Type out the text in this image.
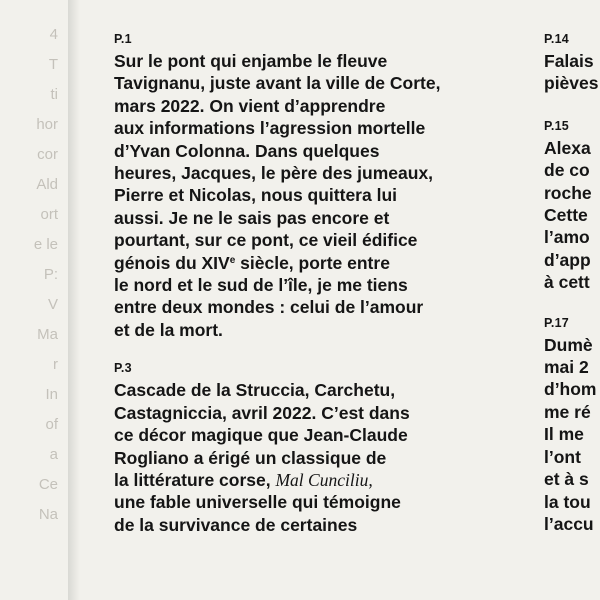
4
T
ti
hor
cor
Ald
ort
e le
P:
V
Ma
r
In
of
a
Ce
Na
P.1
Sur le pont qui enjambe le fleuve
Tavignanu, juste avant la ville de Corte,
mars 2022. On vient d’apprendre
aux informations l’agression mortelle
d’Yvan Colonna. Dans quelques
heures, Jacques, le père des jumeaux,
Pierre et Nicolas, nous quittera lui
aussi. Je ne le sais pas encore et
pourtant, sur ce pont, ce vieil édifice
génois du XIVe siècle, porte entre
le nord et le sud de l’île, je me tiens
entre deux mondes : celui de l’amour
et de la mort.
P.3
Cascade de la Struccia, Carchetu,
Castagniccia, avril 2022. C’est dans
ce décor magique que Jean-Claude
Rogliano a érigé un classique de
la littérature corse, Mal Cunciliu,
une fable universelle qui témoigne
de la survivance de certaines
P.14
Falais
pièves
P.15
Alexa
de co
roche
Cette
l’amo
d’app
à cett
P.17
Dumè
mai 2
d’hom
me ré
Il me
l’ont
et à s
la tou
l’accu
